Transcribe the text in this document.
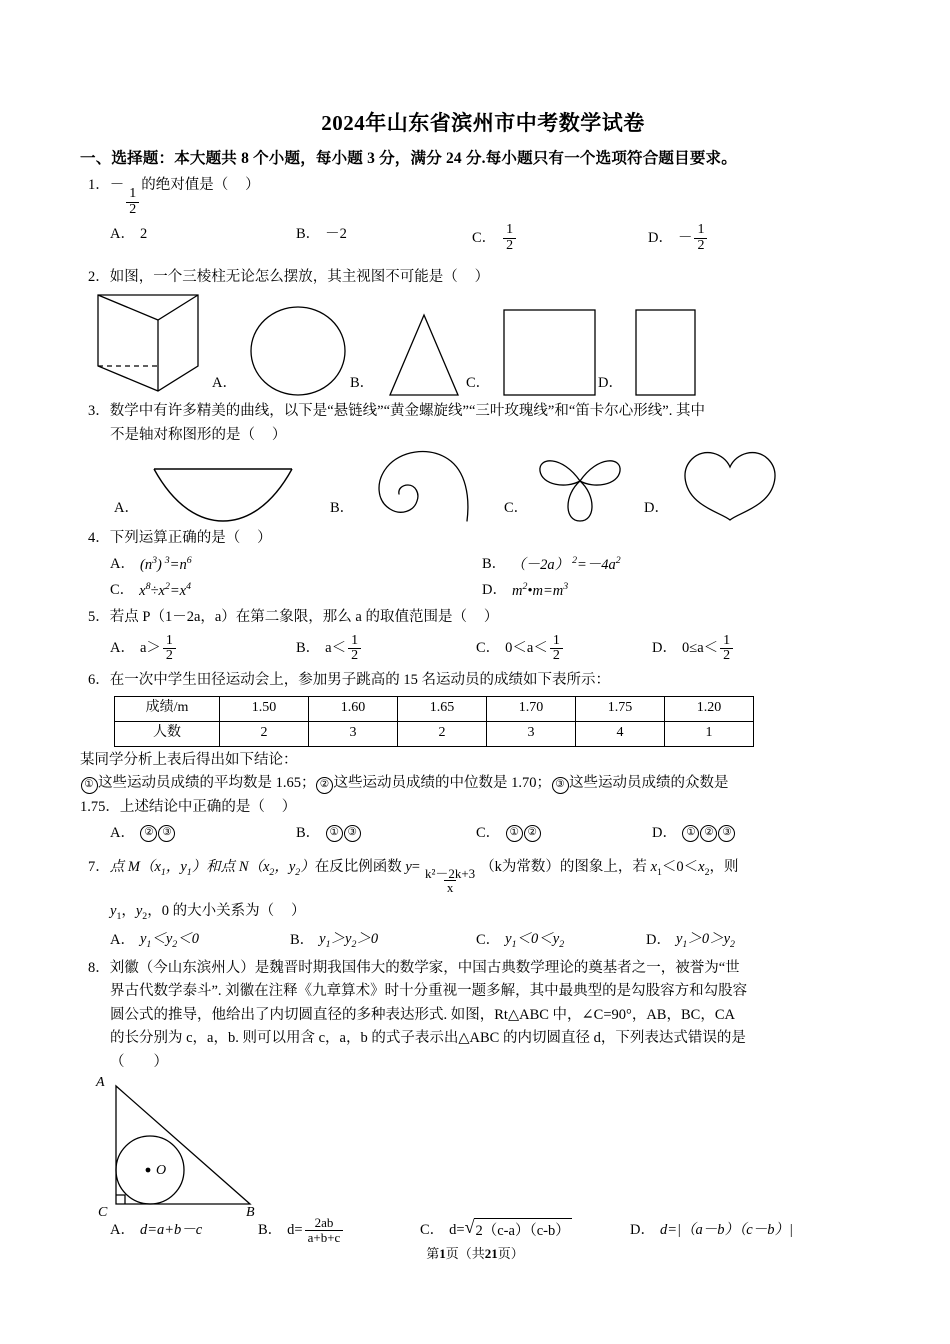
2024年山东省滨州市中考数学试卷
一、选择题：本大题共 8 个小题，每小题 3 分，满分 24 分.每小题只有一个选项符合题目要求。
1．－
$\frac{1}{2}$
的绝对值是（ ）
A． 2	B． －2	C． $\frac{1}{2}$	D． － $\frac{1}{2}$
2．如图，一个三棱柱无论怎么摆放，其主视图不可能是（ ）
A．	B．	C．	D．
3．数学中有许多精美的曲线，以下是“悬链线”“黄金螺旋线”“三叶玫瑰线”和“笛卡尔心形线”. 其中
不是轴对称图形的是（ ）
A．	B．	C．	D．
4．下列运算正确的是（ ）
A． $(n^3)$ $^3=n^6$	B． （－2a） $^2=-4a^2$
C． $x^8\div x^2=x^4$	D． $m^2•m=m^3$
5．若点 P（1－2a，a）在第二象限，那么 a 的取值范围是（ ）
A． $a> \frac{1}{2}$	B． $a< \frac{1}{2}$	C． $0<a< \frac{1}{2}$	D． $0\le a< \frac{1}{2}$
6．在一次中学生田径运动会上，参加男子跳高的 15 名运动员的成绩如下表所示：
成绩/m	1.50	1.60	1.65	1.70	1.75	1.20
人数	2	3	2	3	4	1
某同学分析上表后得出如下结论：
① 这些运动员成绩的平均数是 1.65； ② 这些运动员成绩的中位数是 1.70； ③ 这些运动员成绩的众数是
1.75．上述结论中正确的是（ ）
A． ② ③	B． ① ③	C． ① ②	D． ① ② ③
7．点 $M(x_1$，$y_1$）和点 $N(x_2$，$y_2$）在反比例函数 y=
$\frac{\text{k²－2k+3}}{x}$
（k为常数）的图象上，若 $x_1<0<x_2$，则
$y_1$，$y_2$，0 的大小关系为（ ）
A． $y_1<y_2<0$	B． $y_1>y_2>0$	C． $y_1<0<y_2$	D． $y_1>0>y_2$
8．刘徽（今山东滨州人）是魏晋时期我国伟大的数学家，中国古典数学理论的奠基者之一，被誉为“世
界古代数学泰斗”. 刘徽在注释《九章算术》时十分重视一题多解，其中最典型的是勾股容方和勾股容
圆公式的推导，他给出了内切圆直径的多种表达形式. 如图，Rt△ABC 中，∠C=90°，AB，BC，CA
的长分别为 c，a，b. 则可以用含 c，a，b 的式子表示出△ABC 的内切圆直径 d，下列表达式错误的是
（　　）
A
C	B
O
A． d=a+b－c	B． $d= \frac{2ab}{a+b+c}$	C． d= √ 2（c-a）（c-b）	D． d=|（a－b）（c－b）|
第1页（共21页）
